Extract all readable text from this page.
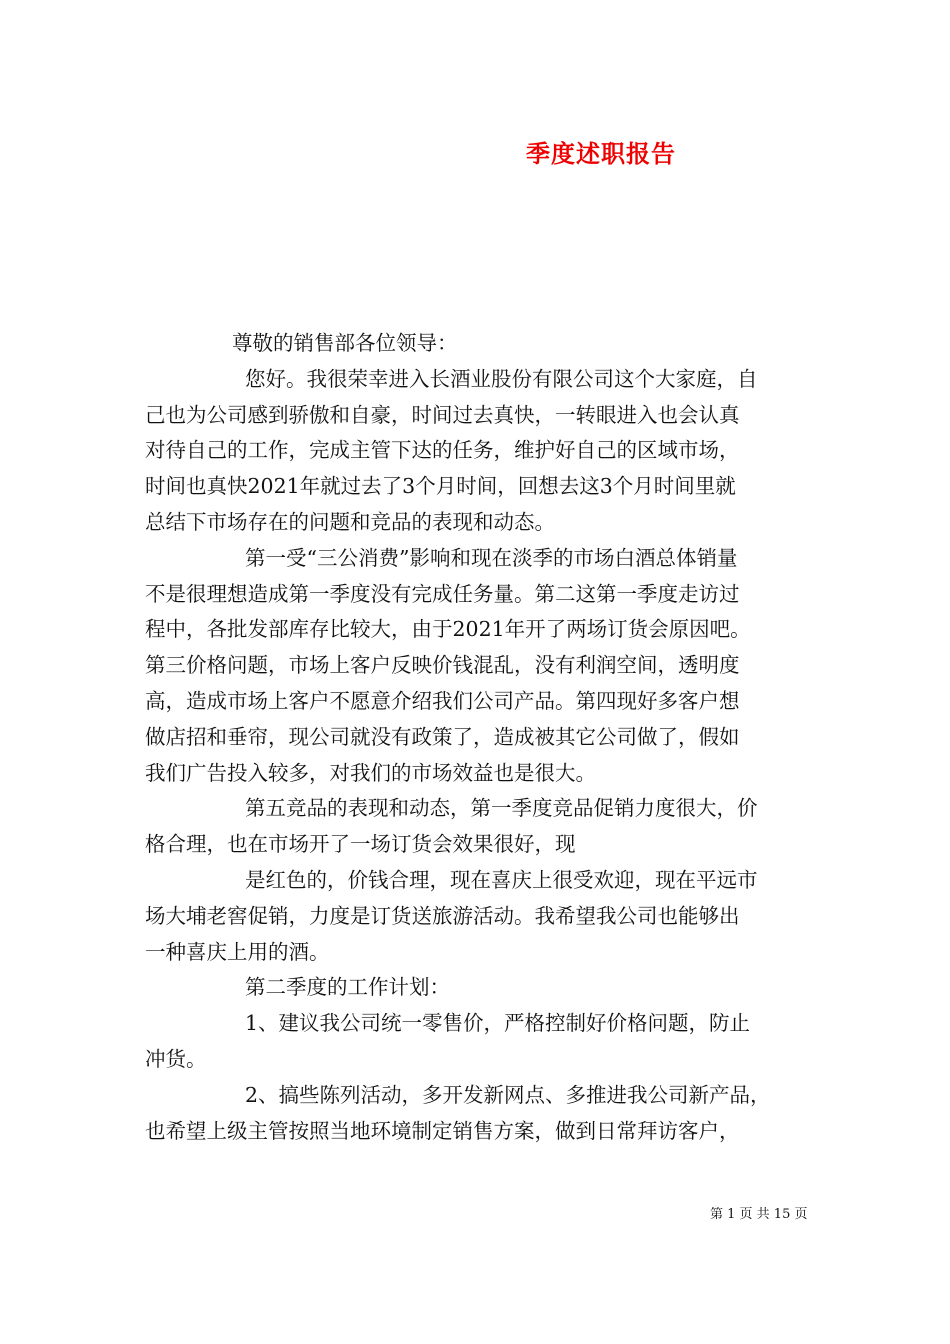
季度述职报告
尊敬的销售部各位领导：
您好。我很荣幸进入长酒业股份有限公司这个大家庭，自
己也为公司感到骄傲和自豪，时间过去真快，一转眼进入也会认真
对待自己的工作，完成主管下达的任务，维护好自己的区域市场，
时间也真快2021年就过去了3个月时间，回想去这3个月时间里就
总结下市场存在的问题和竞品的表现和动态。
第一受“三公消费”影响和现在淡季的市场白酒总体销量
不是很理想造成第一季度没有完成任务量。第二这第一季度走访过
程中，各批发部库存比较大，由于2021年开了两场订货会原因吧。
第三价格问题，市场上客户反映价钱混乱，没有利润空间，透明度
高，造成市场上客户不愿意介绍我们公司产品。第四现好多客户想
做店招和垂帘，现公司就没有政策了，造成被其它公司做了，假如
我们广告投入较多，对我们的市场效益也是很大。
第五竞品的表现和动态，第一季度竞品促销力度很大，价
格合理，也在市场开了一场订货会效果很好，现
是红色的，价钱合理，现在喜庆上很受欢迎，现在平远市
场大埔老窖促销，力度是订货送旅游活动。我希望我公司也能够出
一种喜庆上用的酒。
第二季度的工作计划：
1、建议我公司统一零售价，严格控制好价格问题，防止
冲货。
2、搞些陈列活动，多开发新网点、多推进我公司新产品，
也希望上级主管按照当地环境制定销售方案，做到日常拜访客户，
第 1 页 共 15 页
